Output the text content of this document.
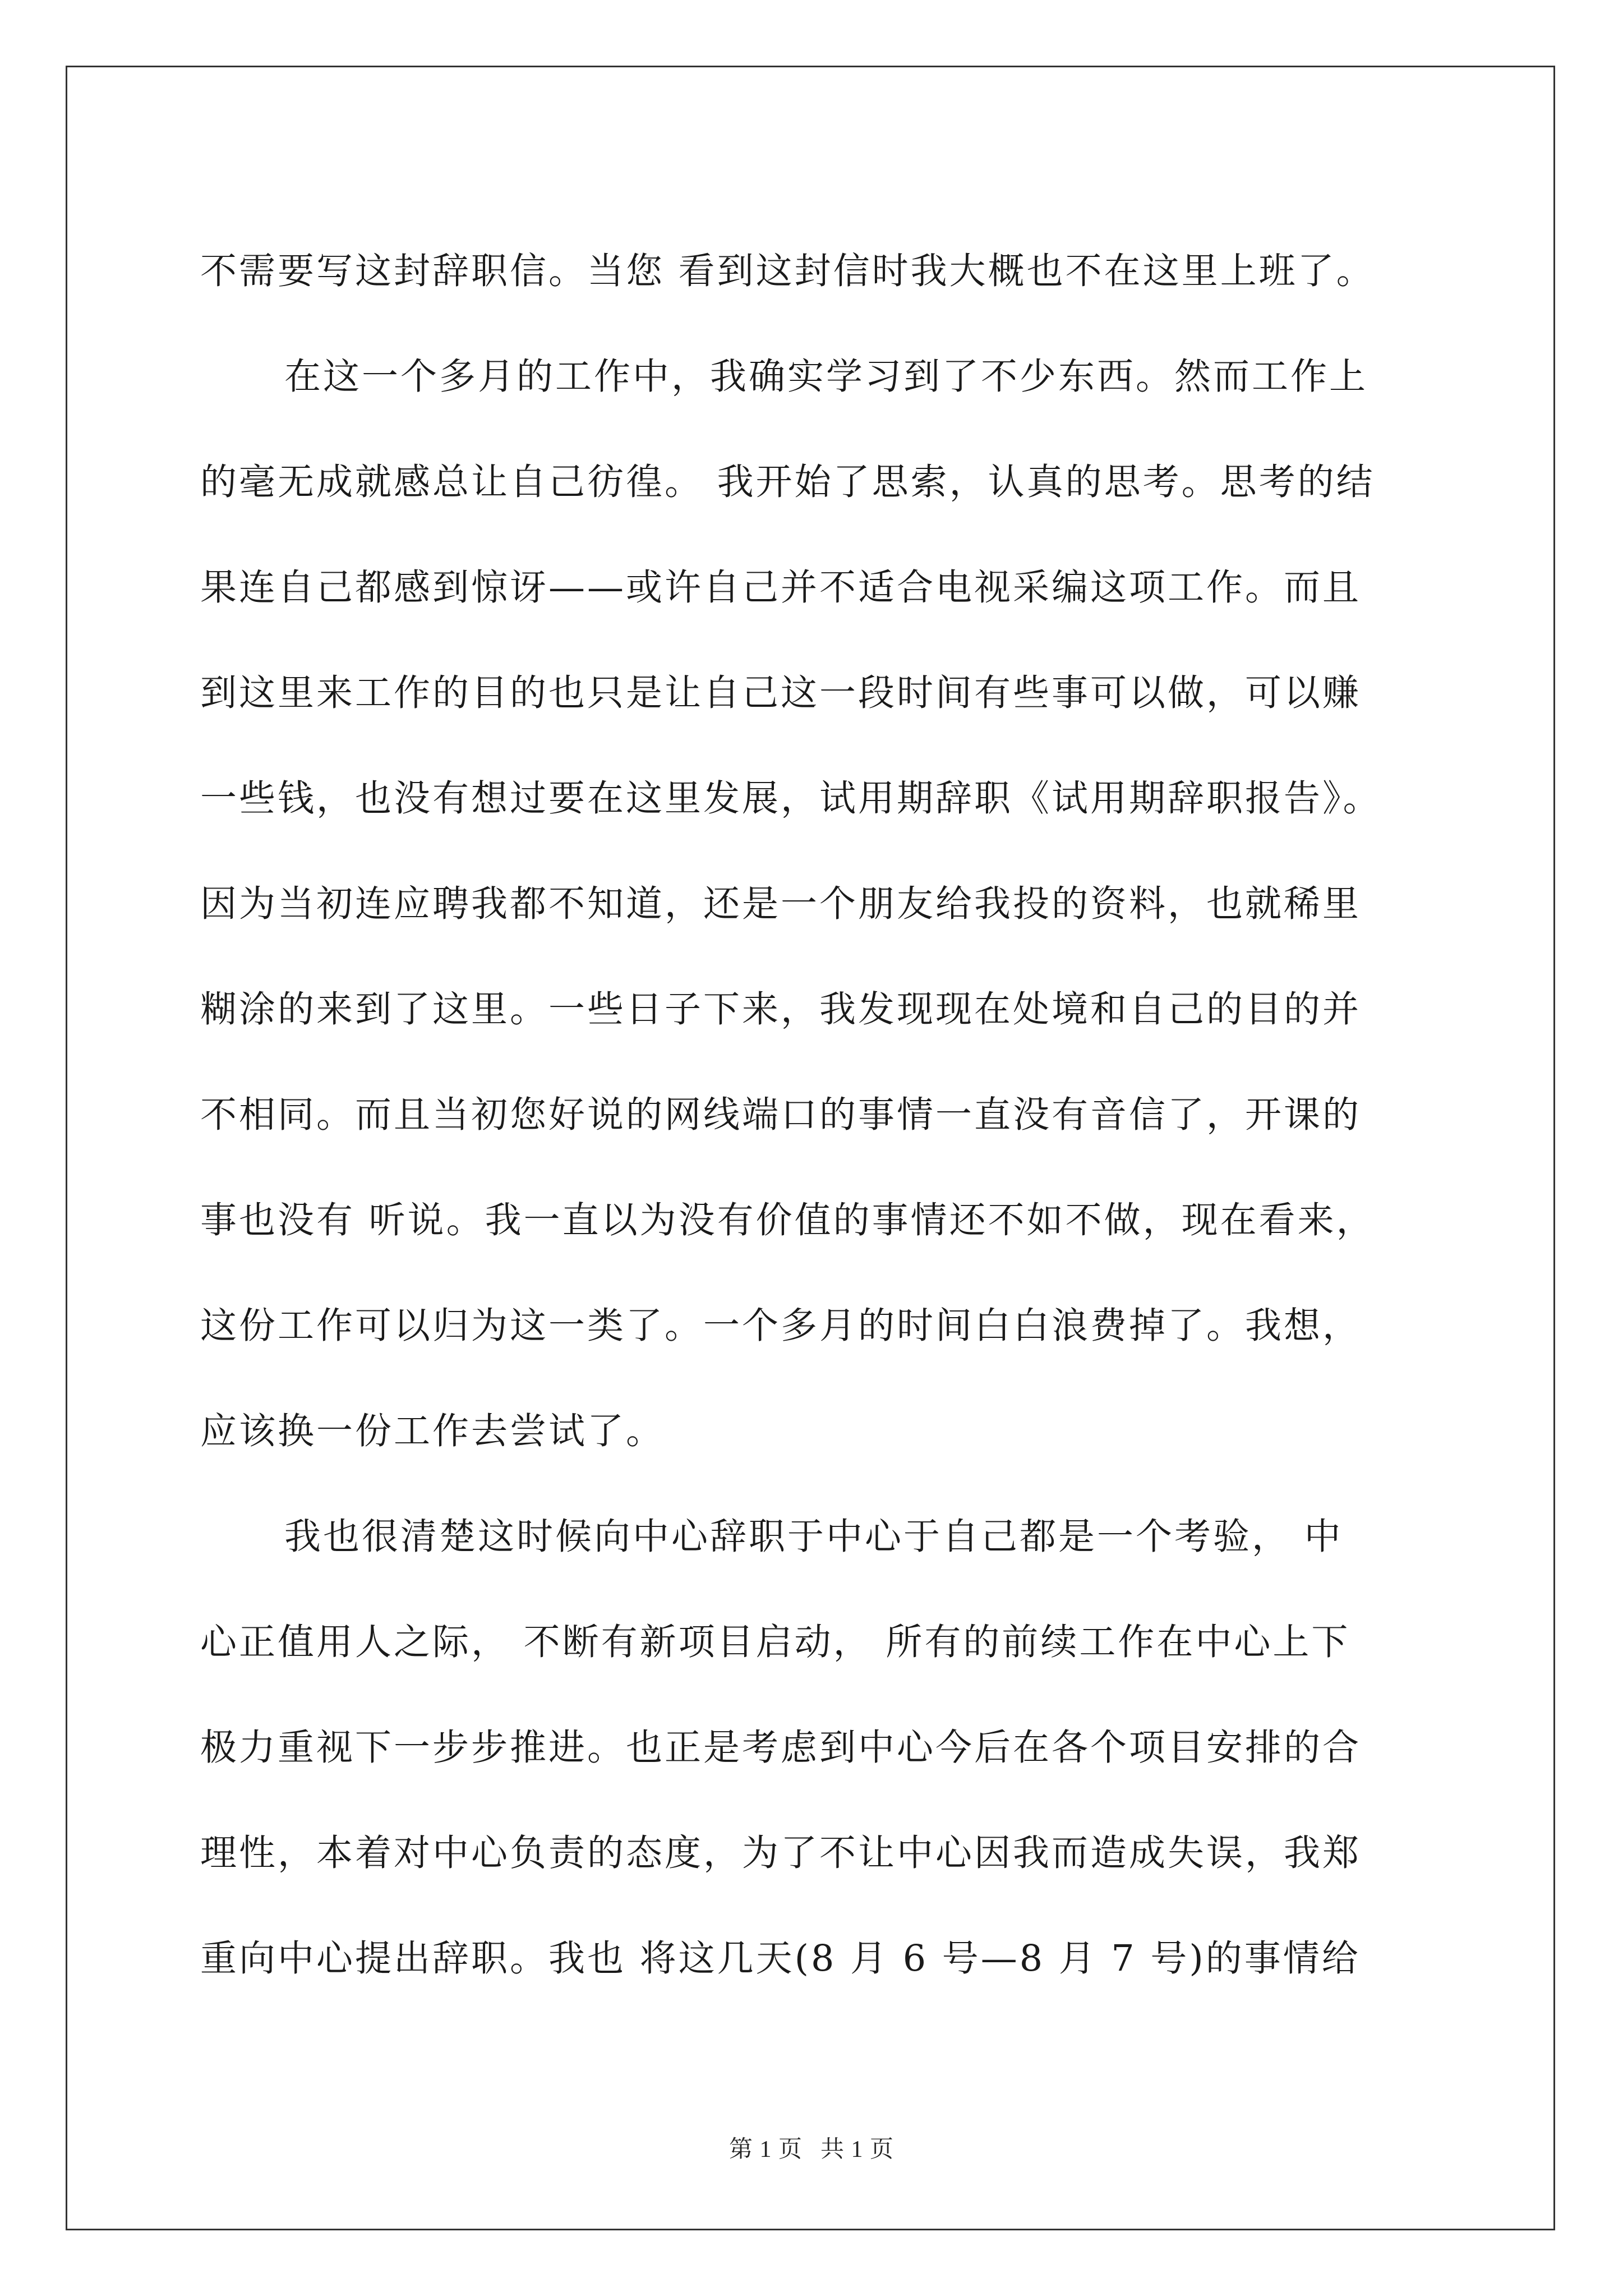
不需要写这封辞职信。当您 看到这封信时我大概也不在这里上班了。
在这一个多月的工作中，我确实学习到了不少东西。然而工作上
的毫无成就感总让自己彷徨。 我开始了思索，认真的思考。思考的结
果连自己都感到惊讶——或许自己并不适合电视采编这项工作。而且
到这里来工作的目的也只是让自己这一段时间有些事可以做，可以赚
一些钱，也没有想过要在这里发展，试用期辞职《试用期辞职报告》。
因为当初连应聘我都不知道，还是一个朋友给我投的资料，也就稀里
糊涂的来到了这里。一些日子下来，我发现现在处境和自己的目的并
不相同。而且当初您好说的网线端口的事情一直没有音信了，开课的
事也没有 听说。我一直以为没有价值的事情还不如不做，现在看来，
这份工作可以归为这一类了。一个多月的时间白白浪费掉了。我想，
应该换一份工作去尝试了。
我也很清楚这时候向中心辞职于中心于自己都是一个考验， 中
心正值用人之际， 不断有新项目启动， 所有的前续工作在中心上下
极力重视下一步步推进。也正是考虑到中心今后在各个项目安排的合
理性，本着对中心负责的态度，为了不让中心因我而造成失误，我郑
重向中心提出辞职。我也 将这几天(8 月 6 号—8 月 7 号)的事情给
第 1 页 共 1 页
